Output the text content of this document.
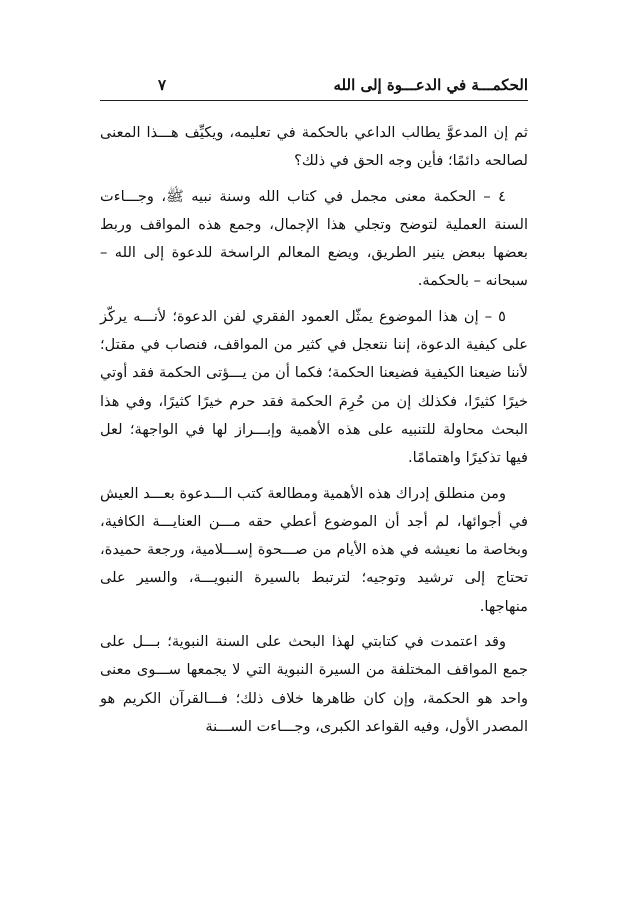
الحكمـــة في الدعـــوة إلى الله
٧

ثم إن المدعوَّ يطالب الداعي بالحكمة في تعليمه، ويكيِّف هـــذا المعنى لصالحه دائمًا؛ فأين وجه الحق في ذلك؟

٤ – الحكمة معنى مجمل في كتاب الله وسنة نبيه ﷺ، وجـــاءت السنة العملية لتوضح وتجلي هذا الإجمال، وجمع هذه المواقف وربط بعضها ببعض ينير الطريق، ويضع المعالم الراسخة للدعوة إلى الله – سبحانه – بالحكمة.

٥ – إن هذا الموضوع يمثّل العمود الفقري لفن الدعوة؛ لأنـــه يركّز على كيفية الدعوة، إننا نتعجل في كثير من المواقف، فنصاب في مقتل؛ لأننا ضيعنا الكيفية فضيعنا الحكمة؛ فكما أن من يـــؤتى الحكمة فقد أوتي خيرًا كثيرًا، فكذلك إن من حُرِمَ الحكمة فقد حرم خيرًا كثيرًا، وفي هذا البحث محاولة للتنبيه على هذه الأهمية وإبـــراز لها في الواجهة؛ لعل فيها تذكيرًا واهتمامًا.

ومن منطلق إدراك هذه الأهمية ومطالعة كتب الـــدعوة بعـــد العيش في أجوائها، لم أجد أن الموضوع أعطي حقه مـــن العنايـــة الكافية، وبخاصة ما نعيشه في هذه الأيام من صـــحوة إســـلامية، ورجعة حميدة، تحتاج إلى ترشيد وتوجيه؛ لترتبط بالسيرة النبويـــة، والسير على منهاجها.

وقد اعتمدت في كتابتي لهذا البحث على السنة النبوية؛ بـــل على جمع المواقف المختلفة من السيرة النبوية التي لا يجمعها ســـوى معنى واحد هو الحكمة، وإن كان ظاهرها خلاف ذلك؛ فـــالقرآن الكريم هو المصدر الأول، وفيه القواعد الكبرى، وجـــاءت الســـنة
